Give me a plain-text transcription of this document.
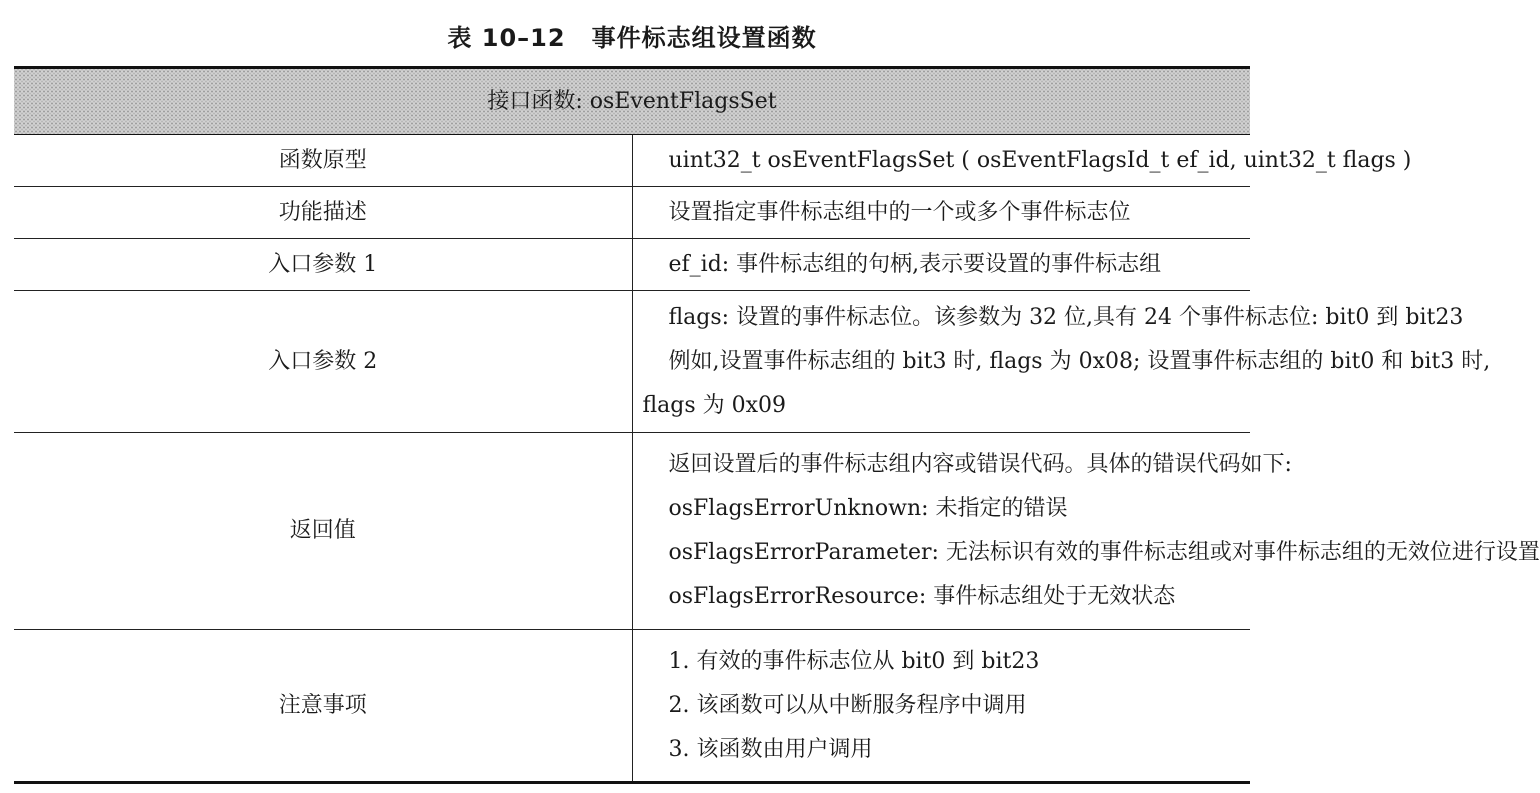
表 10–12 事件标志组设置函数
接口函数: osEventFlagsSet	
函数原型	uint32_t osEventFlagsSet ( osEventFlagsId_t ef_id, uint32_t flags )

功能描述	设置指定事件标志组中的一个或多个事件标志位

入口参数 1	ef_id: 事件标志组的句柄,表示要设置的事件标志组

入口参数 2	flags: 设置的事件标志位。该参数为 32 位,具有 24 个事件标志位: bit0 到 bit23
例如,设置事件标志组的 bit3 时, flags 为 0x08; 设置事件标志组的 bit0 和 bit3 时,
flags 为 0x09

返回值	返回设置后的事件标志组内容或错误代码。具体的错误代码如下:
osFlagsErrorUnknown: 未指定的错误
osFlagsErrorParameter: 无法标识有效的事件标志组或对事件标志组的无效位进行设置
osFlagsErrorResource: 事件标志组处于无效状态

注意事项	1. 有效的事件标志位从 bit0 到 bit23
2. 该函数可以从中断服务程序中调用
3. 该函数由用户调用
